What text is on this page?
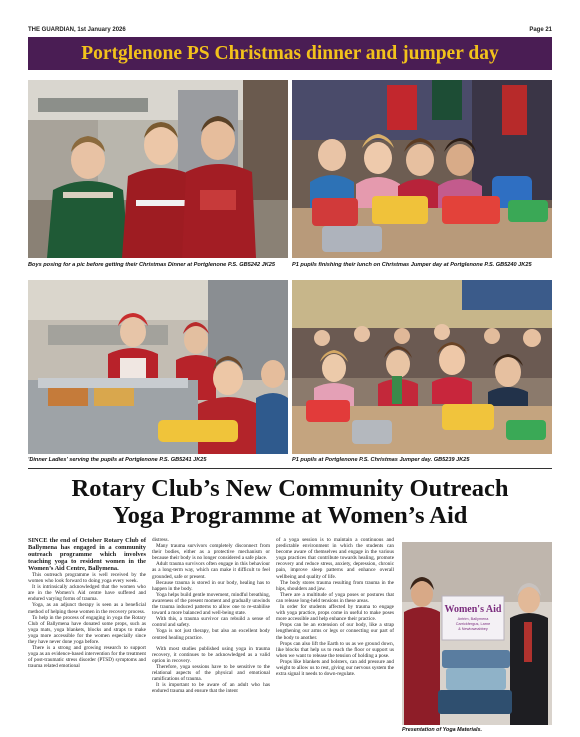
THE GUARDIAN, 1st January 2026	Page 21
Portglenone PS Christmas dinner and jumper day
Boys posing for a pic before getting their Christmas Dinner at Portglenone P.S. GB5242 JK25	P1 pupils finishing their lunch on Christmas Jumper day at Portglenone P.S. GB5240 JK25
'Dinner Ladies' serving the pupils at Portglenone P.S. GB5241 JK25	P1 pupils at Portglenone P.S. Christmas Jumper day. GB5239 JK25
Rotary Club’s New Community Outreach
Yoga Programme at Women’s Aid

SINCE the end of October Rotary Club of Ballymena has engaged in a community outreach programme which involves teaching yoga to resident women in the Women’s Aid Centre, Ballymena.

This outreach programme is well received by the women who look forward to doing yoga every week.

It is intrinsically acknowledged that the women who are in the Women’s Aid centre have suffered and endured varying forms of trauma.

Yoga, as an adjunct therapy is seen as a beneficial method of helping these women in the recovery process.

To help in the process of engaging in yoga the Rotary Club of Ballymena have donated some props, such as yoga mats, yoga blankets, blocks and straps to make yoga more accessible for the women especially since they have never done yoga before.

There is a strong and growing research to support yoga as an evidence-based intervention for the treatment of post-traumatic stress disorder (PTSD) symptoms and trauma related emotional

distress.

Many trauma survivors completely disconnect from their bodies, either as a protective mechanism or because their body is no longer considered a safe place.

Adult trauma survivors often engage in this behaviour as a long-term way, which can make it difficult to feel grounded, safe or present.

Because trauma is stored in our body, healing has to happen in the body.

Yoga helps build gentle movement, mindful breathing, awareness of the present moment and gradually unwinds the trauma induced patterns to allow one to re-stabilise toward a more balanced and well-being state.

With this, a trauma survivor can rebuild a sense of control and safety.

Yoga is not just therapy, but also an excellent body centred healing practice.

With most studies published using yoga in trauma recovery, it continues to be acknowledged as a valid option in recovery.

Therefore, yoga sessions have to be sensitive to the relational aspects of the physical and emotional ramifications of trauma.

It is important to be aware of an adult who has endured trauma and ensure that the intent

of a yoga session is to maintain a continuous and predictable environment in which the students can become aware of themselves and engage in the various yoga practices that contribute towards healing, promote recovery and reduce stress, anxiety, depression, chronic pain, improve sleep patterns and enhance overall wellbeing and quality of life.

The body stores trauma resulting from trauma in the hips, shoulders and jaw.

There are a multitude of yoga poses or postures that can release long-held tensions in these areas.

In order for students affected by trauma to engage with yoga practice, props come in useful to make poses more accessible and help enhance their practice.

Props can be an extension of our body, like a strap lengthening our arms or legs or connecting our part of the body to another.

Props can also lift the Earth to us as we ground down, like blocks that help us to reach the floor or support us when we want to release the tension of holding a pose.

Props like blankets and bolsters, can add pressure and weight to allow us to rest, giving our nervous system the extra signal it needs to down-regulate.

Women's Aid
Antrim, Ballymena
Carrickfergus, Larne
& Newtownabbey
Presentation of Yoga Materials.
